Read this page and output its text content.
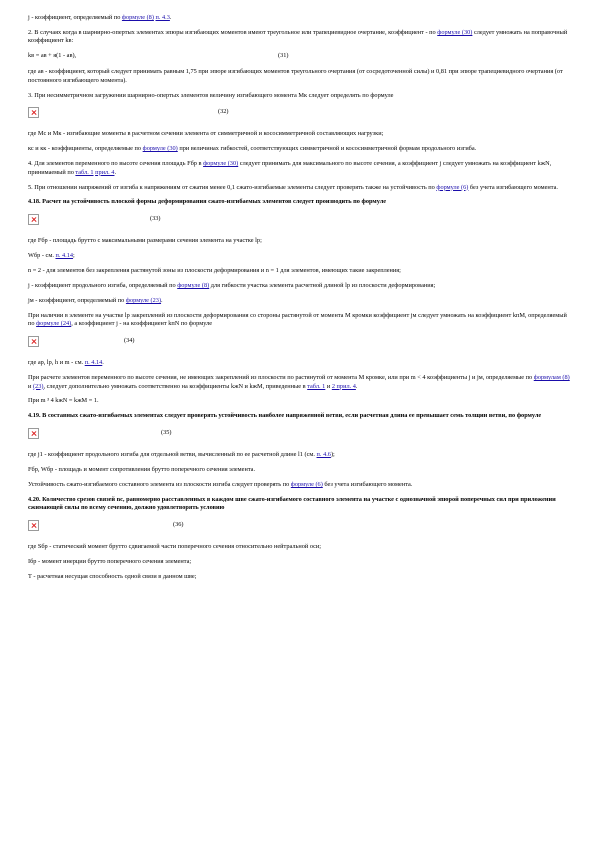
j - коэффициент, определяемый по формуле (8) п. 4.3.

2. В случаях когда в шарнирно-опертых элементах эпюры изгибающих моментов имеют треугольное или трапециевидное очертание, коэффициент - по формуле (30) следует умножать на поправочный коэффициент kв:

kв = ав + я(1 - ав),	(31)

где ав - коэффициент, который следует принимать равным 1,75 при эпюре изгибающих моментов треугольного очертания (от сосредоточенной силы) и 0,81 при эпюре трапециевидного очертания (от постоянного изгибающего момента).

3. При несимметричном загружении шарнирно-опертых элементов величину изгибающего момента Мк следует определять по формуле

(32)

где Мс и Мк - изгибающие моменты в расчетном сечении элемента от симметричной и кососимметричной составляющих нагрузки;

кс и кк - коэффициенты, определяемые по формуле (30) при величинах гибкостей, соответствующих симметричной и кососимметричной формам продольного изгиба.

4. Для элементов переменного по высоте сечения площадь Fбр в формуле (30) следует принимать для максимального по высоте сечения, а коэффициент j следует умножать на коэффициент kжN, принимаемый по табл. 1 прил. 4.

5. При отношении напряжений от изгиба к напряжениям от сжатия менее 0,1 сжато-изгибаемые элементы следует проверять также на устойчивость по формуле (6) без учета изгибающего момента.

4.18. Расчет на устойчивость плоской формы деформирования сжато-изгибаемых элементов следует производить по формуле

(33)

где Fбр - площадь брутто с максимальными размерами сечения элемента на участке lр;

Wбр - см. п. 4.14;

n = 2 - для элементов без закрепления растянутой зоны из плоскости деформирования и n = 1 для элементов, имеющих такие закрепления;

j - коэффициент продольного изгиба, определяемый по формуле (8) для гибкости участка элемента расчетной длиной lр из плоскости деформирования;

jм - коэффициент, определяемый по формуле (23).

При наличии в элементе на участке lр закреплений из плоскости деформирования со стороны растянутой от момента М кромки коэффициент jм следует умножать на коэффициент kпМ, определяемый по формуле (24), а коэффициент j - на коэффициент kпN по формуле

(34)

где ap, lр, h и m - см. п. 4.14.

При расчете элементов переменного по высоте сечения, не имеющих закреплений из плоскости по растянутой от момента М кромке, или при m < 4 коэффициенты j и jм, определяемые по формулам (8) и (23), следует дополнительно умножать соответственно на коэффициенты kжN и kжМ, приведенные в табл. 1 и 2 прил. 4.

При m ³ 4 kжN = kжМ = 1.

4.19. В составных сжато-изгибаемых элементах следует проверять устойчивость наиболее напряженной ветви, если расчетная длина ее превышает семь толщин ветви, по формуле

(35)

где j1 - коэффициент продольного изгиба для отдельной ветви, вычисленный по ее расчетной длине l1 (см. п. 4.6);

Fбр, Wбр - площадь и момент сопротивления брутто поперечного сечения элемента.

Устойчивость сжато-изгибаемого составного элемента из плоскости изгиба следует проверять по формуле (6) без учета изгибающего момента.

4.20. Количество срезов связей nс, равномерно расставленных в каждом шве сжато-изгибаемого составного элемента на участке с однозначной эпюрой поперечных сил при приложении сжимающей силы по всему сечению, должно удовлетворять условию

(36)

где Sбр - статический момент брутто сдвигаемой части поперечного сечения относительно нейтральной оси;

Iбр - момент инерции брутто поперечного сечения элемента;

Т - расчетная несущая способность одной связи в данном шве;
